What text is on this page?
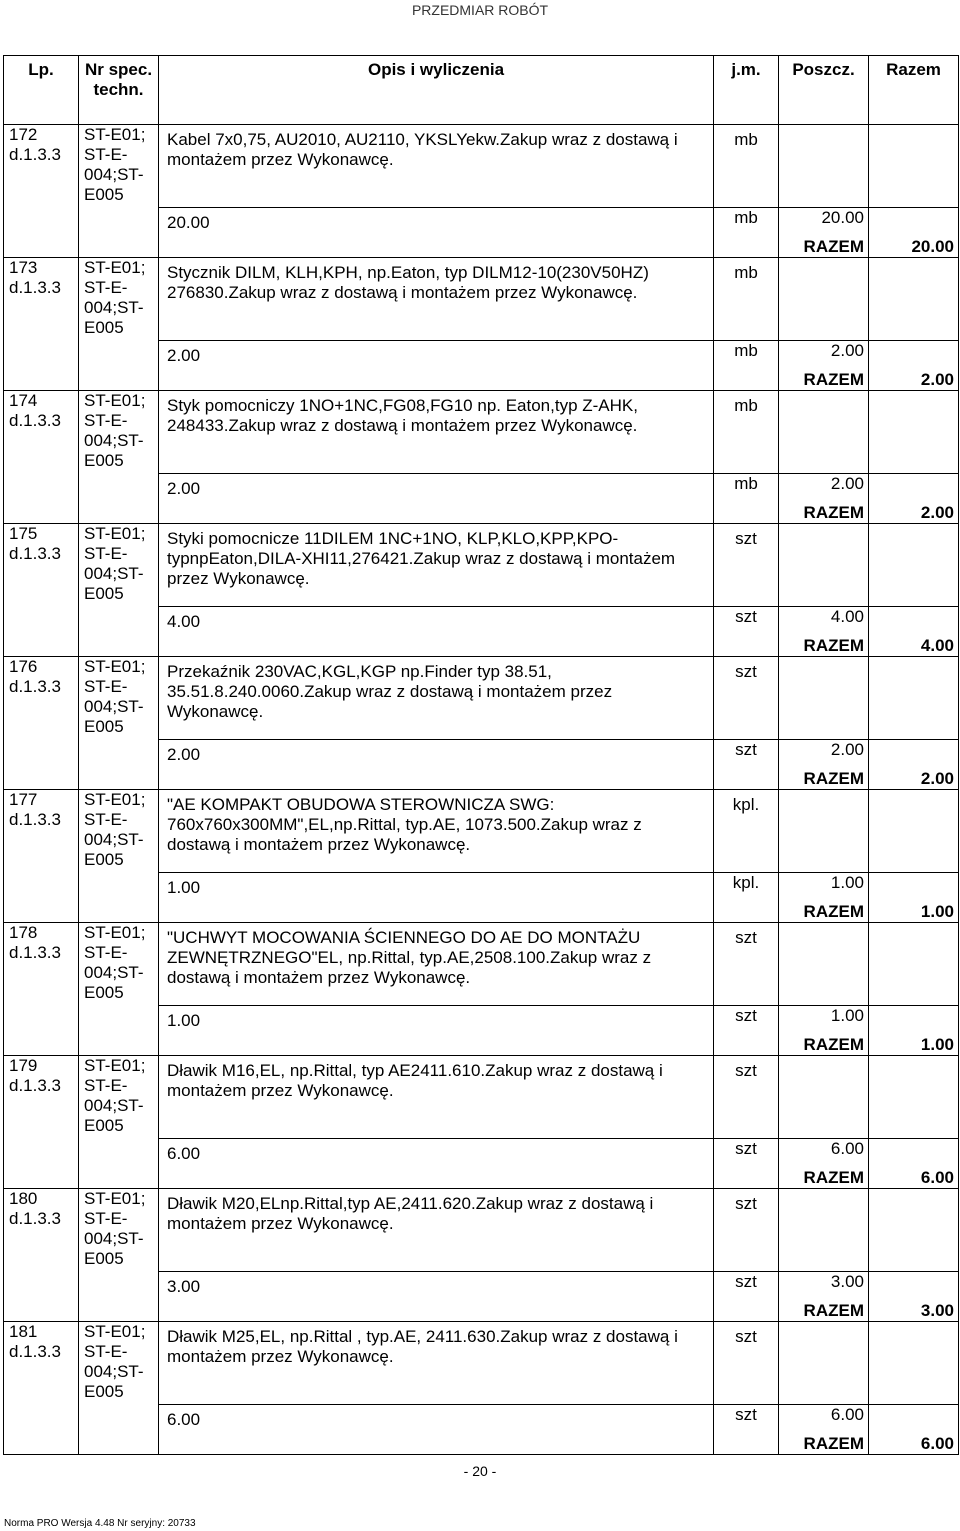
PRZEDMIAR ROBÓT
Lp.	Nr spec. techn.	Opis i wyliczenia	j.m.	Poszcz.	Razem
172 d.1.3.3	ST-E01; ST-E-004;ST-E005	Kabel 7x0,75, AU2010, AU2110, YKSLYekw.Zakup wraz z dostawą i montażem przez Wykonawcę.	mb		
		20.00	mb	20.00	
				RAZEM	20.00
173 d.1.3.3	ST-E01; ST-E-004;ST-E005	Stycznik DILM, KLH,KPH, np.Eaton, typ DILM12-10(230V50HZ) 276830.Zakup wraz z dostawą i montażem przez Wykonawcę.	mb		
		2.00	mb	2.00	
				RAZEM	2.00
174 d.1.3.3	ST-E01; ST-E-004;ST-E005	Styk pomocniczy 1NO+1NC,FG08,FG10 np. Eaton,typ Z-AHK, 248433.Zakup wraz z dostawą i montażem przez Wykonawcę.	mb		
		2.00	mb	2.00	
				RAZEM	2.00
175 d.1.3.3	ST-E01; ST-E-004;ST-E005	Styki pomocnicze 11DILEM 1NC+1NO, KLP,KLO,KPP,KPO-typnpEaton,DILA-XHI11,276421.Zakup wraz z dostawą i montażem przez Wykonawcę.	szt		
		4.00	szt	4.00	
				RAZEM	4.00
176 d.1.3.3	ST-E01; ST-E-004;ST-E005	Przekaźnik 230VAC,KGL,KGP np.Finder typ 38.51, 35.51.8.240.0060.Zakup wraz z dostawą i montażem przez Wykonawcę.	szt		
		2.00	szt	2.00	
				RAZEM	2.00
177 d.1.3.3	ST-E01; ST-E-004;ST-E005	"AE KOMPAKT OBUDOWA STEROWNICZA SWG: 760x760x300MM",EL,np.Rittal, typ.AE, 1073.500.Zakup wraz z dostawą i montażem przez Wykonawcę.	kpl.		
		1.00	kpl.	1.00	
				RAZEM	1.00
178 d.1.3.3	ST-E01; ST-E-004;ST-E005	"UCHWYT MOCOWANIA ŚCIENNEGO DO AE DO MONTAŻU ZEWNĘTRZNEGO"EL, np.Rittal, typ.AE,2508.100.Zakup wraz z dostawą i montażem przez Wykonawcę.	szt		
		1.00	szt	1.00	
				RAZEM	1.00
179 d.1.3.3	ST-E01; ST-E-004;ST-E005	Dławik M16,EL, np.Rittal, typ AE2411.610.Zakup wraz z dostawą i montażem przez Wykonawcę.	szt		
		6.00	szt	6.00	
				RAZEM	6.00
180 d.1.3.3	ST-E01; ST-E-004;ST-E005	Dławik M20,ELnp.Rittal,typ AE,2411.620.Zakup wraz z dostawą i montażem przez Wykonawcę.	szt		
		3.00	szt	3.00	
				RAZEM	3.00
181 d.1.3.3	ST-E01; ST-E-004;ST-E005	Dławik M25,EL, np.Rittal , typ.AE, 2411.630.Zakup wraz z dostawą i montażem przez Wykonawcę.	szt		
		6.00	szt	6.00	
				RAZEM	6.00
- 20 -
Norma PRO Wersja 4.48 Nr seryjny: 20733
